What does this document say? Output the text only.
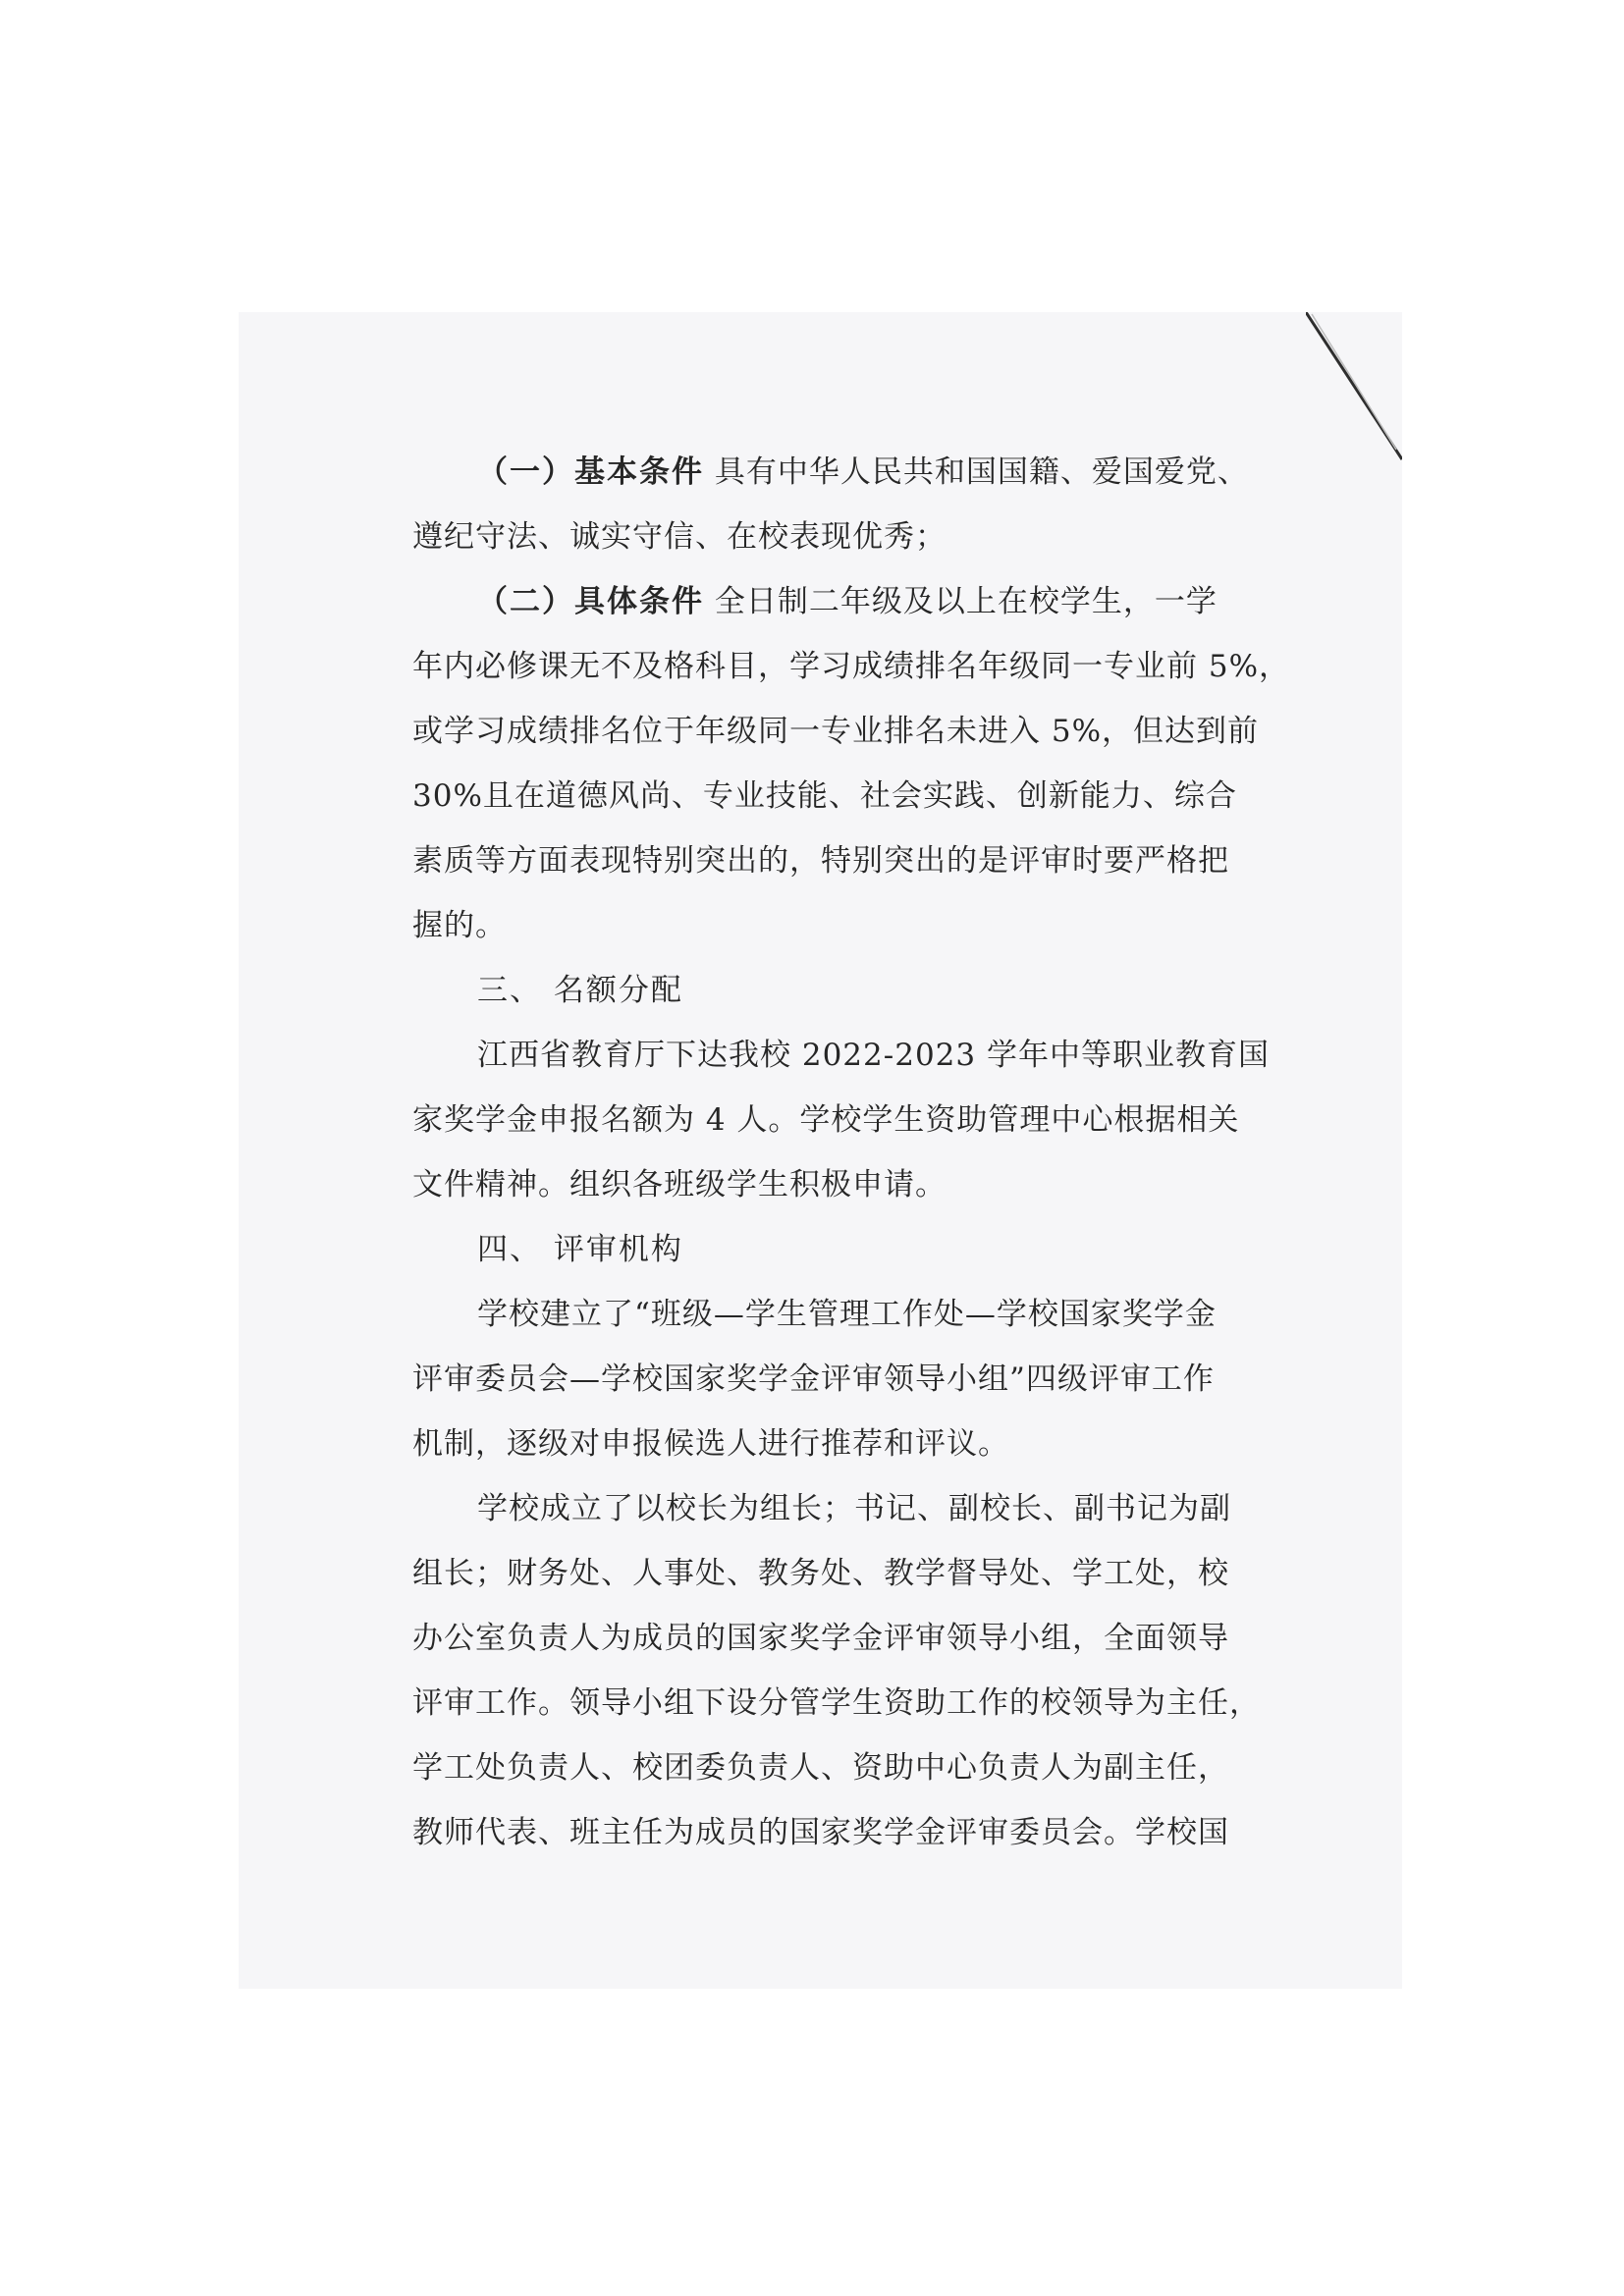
（一）基本条件 具有中华人民共和国国籍、爱国爱党、
遵纪守法、诚实守信、在校表现优秀；
（二）具体条件 全日制二年级及以上在校学生，一学
年内必修课无不及格科目，学习成绩排名年级同一专业前 5%，
或学习成绩排名位于年级同一专业排名未进入 5%，但达到前
30%且在道德风尚、专业技能、社会实践、创新能力、综合
素质等方面表现特别突出的，特别突出的是评审时要严格把
握的。
三、 名额分配
江西省教育厅下达我校 2022-2023 学年中等职业教育国
家奖学金申报名额为 4 人。学校学生资助管理中心根据相关
文件精神。组织各班级学生积极申请。
四、 评审机构
学校建立了“班级—学生管理工作处—学校国家奖学金
评审委员会—学校国家奖学金评审领导小组”四级评审工作
机制，逐级对申报候选人进行推荐和评议。
学校成立了以校长为组长；书记、副校长、副书记为副
组长；财务处、人事处、教务处、教学督导处、学工处，校
办公室负责人为成员的国家奖学金评审领导小组，全面领导
评审工作。领导小组下设分管学生资助工作的校领导为主任，
学工处负责人、校团委负责人、资助中心负责人为副主任，
教师代表、班主任为成员的国家奖学金评审委员会。学校国
